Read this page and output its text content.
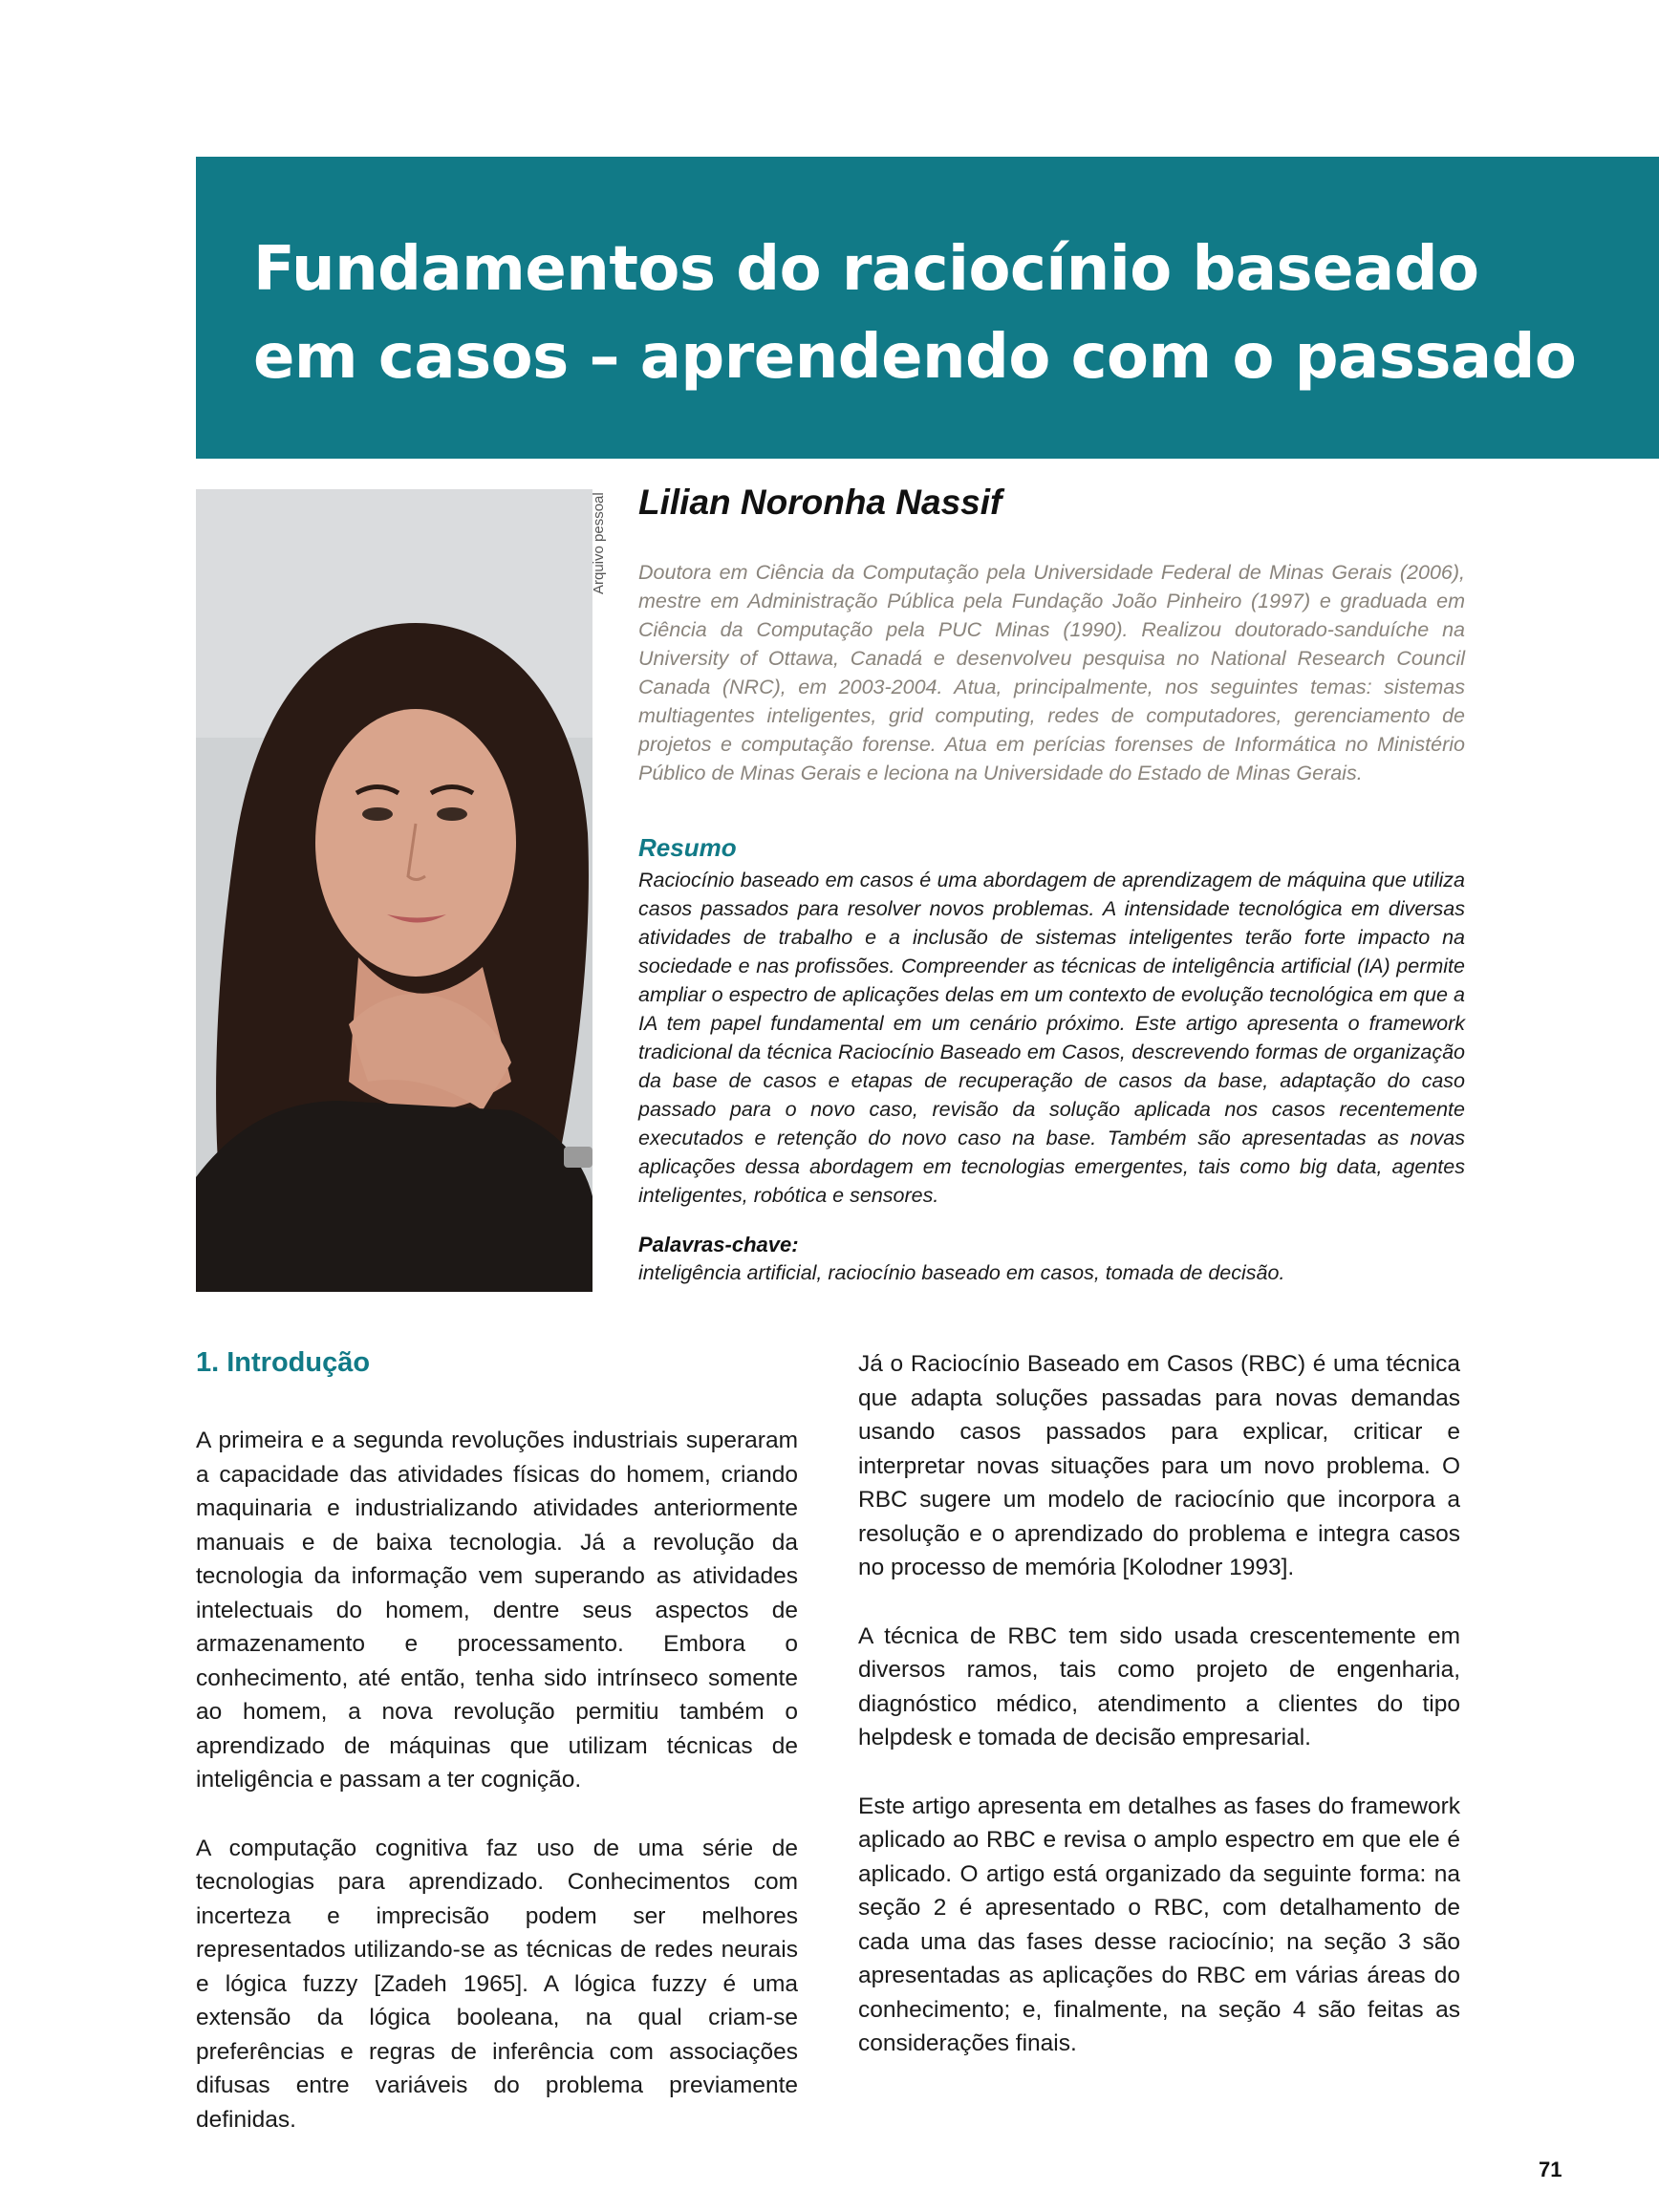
Fundamentos do raciocínio baseado
em casos – aprendendo com o passado
Arquivo pessoal Lilian Noronha Nassif

Doutora em Ciência da Computação pela Universidade Federal de Minas Gerais (2006), mestre em Administração Pública pela Fundação João Pinheiro (1997) e graduada em Ciência da Computação pela PUC Minas (1990). Realizou doutorado-sanduíche na University of Ottawa, Canadá e desenvolveu pesquisa no National Research Council Canada (NRC), em 2003-2004. Atua, principalmente, nos seguintes temas: sistemas multiagentes inteligentes, grid computing, redes de computadores, gerenciamento de projetos e computação forense. Atua em perícias forenses de Informática no Ministério Público de Minas Gerais e leciona na Universidade do Estado de Minas Gerais.

Resumo

Raciocínio baseado em casos é uma abordagem de aprendizagem de máquina que utiliza casos passados para resolver novos problemas. A intensidade tecnológica em diversas atividades de trabalho e a inclusão de sistemas inteligentes terão forte impacto na sociedade e nas profissões. Compreender as técnicas de inteligência artificial (IA) permite ampliar o espectro de aplicações delas em um contexto de evolução tecnológica em que a IA tem papel fundamental em um cenário próximo. Este artigo apresenta o framework tradicional da técnica Raciocínio Baseado em Casos, descrevendo formas de organização da base de casos e etapas de recuperação de casos da base, adaptação do caso passado para o novo caso, revisão da solução aplicada nos casos recentemente executados e retenção do novo caso na base. Também são apresentadas as novas aplicações dessa abordagem em tecnologias emergentes, tais como big data, agentes inteligentes, robótica e sensores.

Palavras-chave:
inteligência artificial, raciocínio baseado em casos, tomada de decisão.
1. Introdução

A primeira e a segunda revoluções industriais superaram a capacidade das atividades físicas do homem, criando maquinaria e industrializando atividades anteriormente manuais e de baixa tecnologia. Já a revolução da tecnologia da informação vem superando as atividades intelectuais do homem, dentre seus aspectos de armazenamento e processamento. Embora o conhecimento, até então, tenha sido intrínseco somente ao homem, a nova revolução permitiu também o aprendizado de máquinas que utilizam técnicas de inteligência e passam a ter cognição.

A computação cognitiva faz uso de uma série de tecnologias para aprendizado. Conhecimentos com incerteza e imprecisão podem ser melhores representados utilizando-se as técnicas de redes neurais e lógica fuzzy [Zadeh 1965]. A lógica fuzzy é uma extensão da lógica booleana, na qual criam-se preferências e regras de inferência com associações difusas entre variáveis do problema previamente definidas.

Já o Raciocínio Baseado em Casos (RBC) é uma técnica que adapta soluções passadas para novas demandas usando casos passados para explicar, criticar e interpretar novas situações para um novo problema. O RBC sugere um modelo de raciocínio que incorpora a resolução e o aprendizado do problema e integra casos no processo de memória [Kolodner 1993].

A técnica de RBC tem sido usada crescentemente em diversos ramos, tais como projeto de engenharia, diagnóstico médico, atendimento a clientes do tipo helpdesk e tomada de decisão empresarial.

Este artigo apresenta em detalhes as fases do framework aplicado ao RBC e revisa o amplo espectro em que ele é aplicado. O artigo está organizado da seguinte forma: na seção 2 é apresentado o RBC, com detalhamento de cada uma das fases desse raciocínio; na seção 3 são apresentadas as aplicações do RBC em várias áreas do conhecimento; e, finalmente, na seção 4 são feitas as considerações finais.

71
